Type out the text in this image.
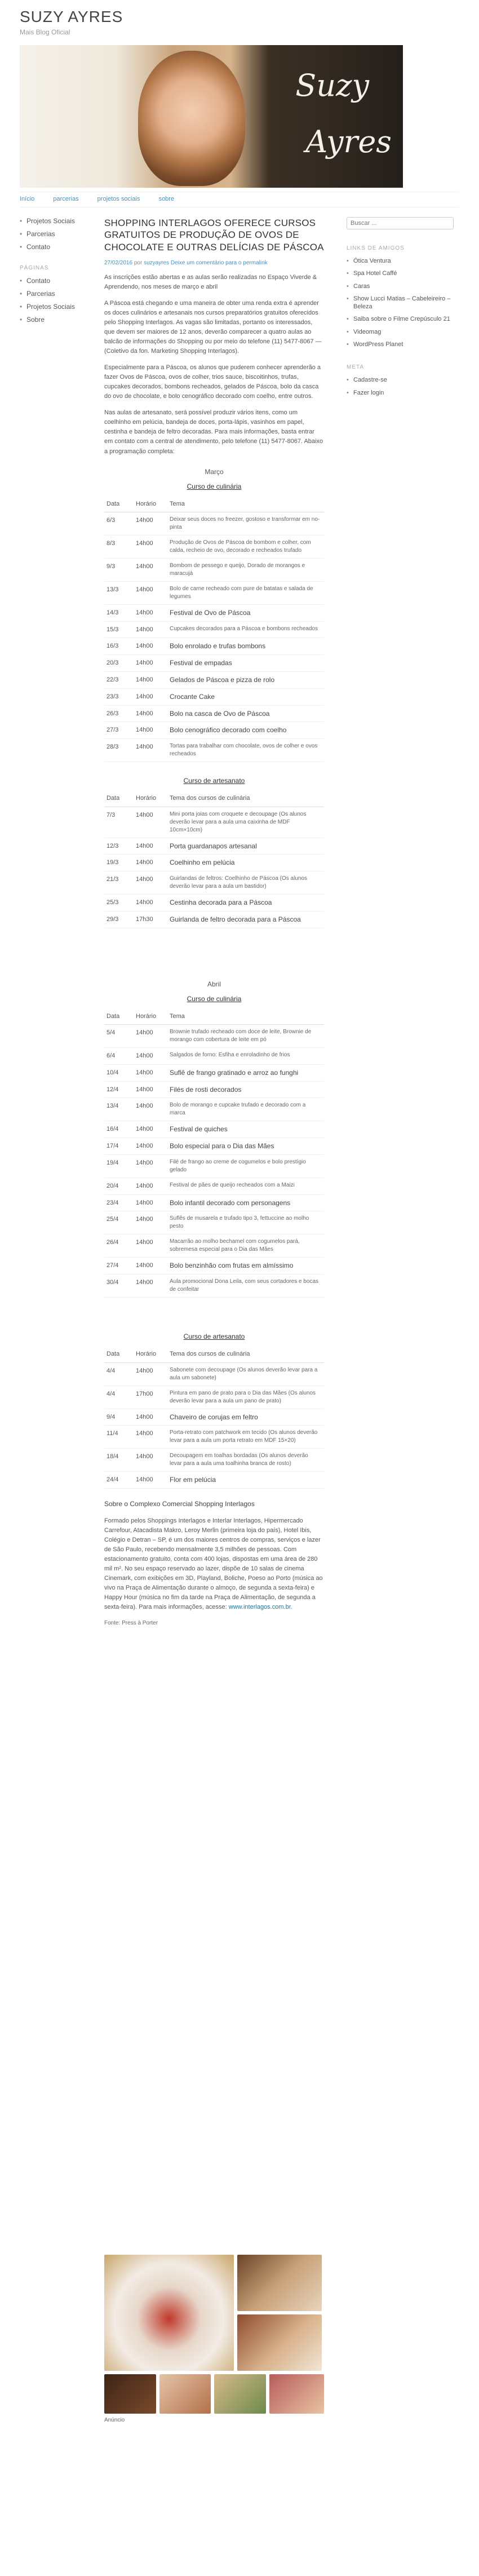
SUZY AYRES
Mais Blog Oficial
Suzy
Ayres
Início	parcerias	projetos sociais	sobre
• Projetos Sociais
• Parcerias
• Contato
PÁGINAS
• Contato
• Parcerias
• Projetos Sociais
• Sobre
SHOPPING INTERLAGOS OFERECE CURSOS GRATUITOS DE PRODUÇÃO DE OVOS DE CHOCOLATE E OUTRAS DELÍCIAS DE PÁSCOA
27/02/2016 por suzyayres Deixe um comentário para o permalink

As inscrições estão abertas e as aulas serão realizadas no Espaço Viverde & Aprendendo, nos meses de março e abril

A Páscoa está chegando e uma maneira de obter uma renda extra é aprender os doces culinários e artesanais nos cursos preparatórios gratuitos oferecidos pelo Shopping Interlagos. As vagas são limitadas, portanto os interessados, que devem ser maiores de 12 anos, deverão comparecer a quatro aulas ao balcão de informações do Shopping ou por meio do telefone (11) 5477-8067 — (Coletivo da fon. Marketing Shopping Interlagos).

Especialmente para a Páscoa, os alunos que puderem conhecer aprenderão a fazer Ovos de Páscoa, ovos de colher, trios sauce, biscoitinhos, trufas, cupcakes decorados, bombons recheados, gelados de Páscoa, bolo da casca do ovo de chocolate, e bolo cenográfico decorado com coelho, entre outros.

Nas aulas de artesanato, será possível produzir vários itens, como um coelhinho em pelúcia, bandeja de doces, porta-lápis, vasinhos em papel, cestinha e bandeja de feltro decoradas. Para mais informações, basta entrar em contato com a central de atendimento, pelo telefone (11) 5477-8067. Abaixo a programação completa:

Março
Curso de culinária
Data	Horário	Tema
6/3	14h00	Deixar seus doces no freezer, gostoso e transformar em no-pinta
8/3	14h00	Produção de Ovos de Páscoa de bombom e colher, com calda, recheio de ovo, decorado e recheados trufado
9/3	14h00	Bombom de pessego e queijo, Dorado de morangos e maracujá
13/3	14h00	Bolo de carne recheado com pure de batatas e salada de legumes
14/3	14h00	Festival de Ovo de Páscoa
15/3	14h00	Cupcakes decorados para a Páscoa e bombons recheados
16/3	14h00	Bolo enrolado e trufas bombons
20/3	14h00	Festival de empadas
22/3	14h00	Gelados de Páscoa e pizza de rolo
23/3	14h00	Crocante Cake
26/3	14h00	Bolo na casca de Ovo de Páscoa
27/3	14h00	Bolo cenográfico decorado com coelho
28/3	14h00	Tortas para trabalhar com chocolate, ovos de colher e ovos recheados
Curso de artesanato
Data	Horário	Tema dos cursos de culinária
7/3	14h00	Mini porta joias com croquete e decoupage (Os alunos deverão levar para a aula uma caixinha de MDF 10cm×10cm)
12/3	14h00	Porta guardanapos artesanal
19/3	14h00	Coelhinho em pelúcia
21/3	14h00	Guirlandas de feltros: Coelhinho de Páscoa (Os alunos deverão levar para a aula um bastidor)
25/3	14h00	Cestinha decorada para a Páscoa
29/3	17h30	Guirlanda de feltro decorada para a Páscoa
Abril
Curso de culinária
Data	Horário	Tema
5/4	14h00	Brownie trufado recheado com doce de leite, Brownie de morango com cobertura de leite em pó
6/4	14h00	Salgados de forno: Esfiha e enroladinho de frios
10/4	14h00	Suflê de frango gratinado e arroz ao funghi
12/4	14h00	Filés de rosti decorados
13/4	14h00	Bolo de morango e cupcake trufado e decorado com a marca
16/4	14h00	Festival de quiches
17/4	14h00	Bolo especial para o Dia das Mães
19/4	14h00	Filé de frango ao creme de cogumelos e bolo prestígio gelado
20/4	14h00	Festival de pães de queijo recheados com a Maizi
23/4	14h00	Bolo infantil decorado com personagens
25/4	14h00	Suflês de musarela e trufado tipo 3, fettuccine ao molho pesto
26/4	14h00	Macarrão ao molho bechamel com cogumelos pará, sobremesa especial para o Dia das Mães
27/4	14h00	Bolo benzinhão com frutas em almíssimo
30/4	14h00	Aula promocional Dona Leila, com seus cortadores e bocas de confeitar
Curso de artesanato
Data	Horário	Tema dos cursos de culinária
4/4	14h00	Sabonete com decoupage (Os alunos deverão levar para a aula um sabonete)
4/4	17h00	Pintura em pano de prato para o Dia das Mães (Os alunos deverão levar para a aula um pano de prato)
9/4	14h00	Chaveiro de corujas em feltro
11/4	14h00	Porta-retrato com patchwork em tecido (Os alunos deverão levar para a aula um porta retrato em MDF 15×20)
18/4	14h00	Decoupagem em toalhas bordadas (Os alunos deverão levar para a aula uma toalhinha branca de rosto)
24/4	14h00	Flor em pelúcia

Sobre o Complexo Comercial Shopping Interlagos

Formado pelos Shoppings Interlagos e Interlar Interlagos, Hipermercado Carrefour, Atacadista Makro, Leroy Merlin (primeira loja do país), Hotel Ibis, Colégio e Detran – SP, é um dos maiores centros de compras, serviços e lazer de São Paulo, recebendo mensalmente 3,5 milhões de pessoas. Com estacionamento gratuito, conta com 400 lojas, dispostas em uma área de 280 mil m². No seu espaço reservado ao lazer, dispõe de 10 salas de cinema Cinemark, com exibições em 3D, Playland, Boliche, Poeso ao Porto (música ao vivo na Praça de Alimentação durante o almoço, de segunda a sexta-feira) e Happy Hour (música no fim da tarde na Praça de Alimentação, de segunda a sexta-feira). Para mais informações, acesse: www.interlagos.com.br.

Fonte: Press à Porter
Anúncio
Buscar ...
LINKS DE AMIGOS
• Ótica Ventura
• Spa Hotel Caffé
• Caras
• Show Lucci Matias – Cabeleireiro – Beleza
• Saiba sobre o Filme Crepúsculo 21
• Videomag
• WordPress Planet
META
• Cadastre-se
• Fazer login
